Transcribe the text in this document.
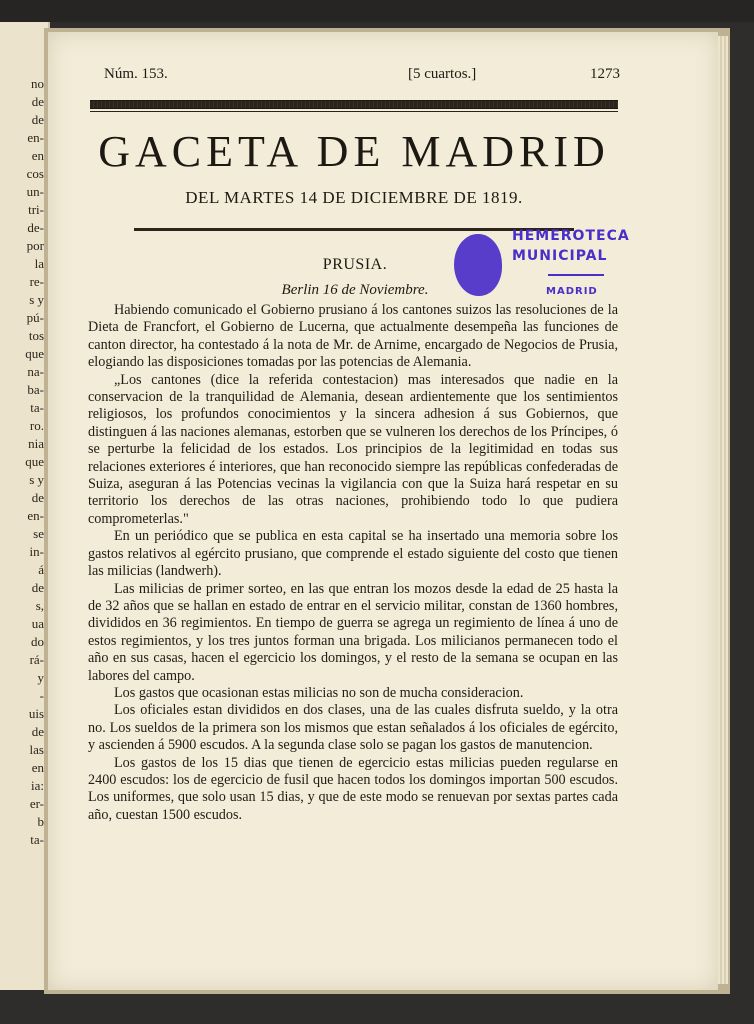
no
de
de
en-
en
cos
un-
tri-
de-
por
la
re-
s y
pú-
tos
que
na-
ba-
ta-
ro.
nia
que
s y
de
en-
se
in-
á
de
s,
ua
do
rá-
y
-
uis
de
las
en
ia:
er-
b
ta-
Núm. 153.	[5 cuartos.]	1273
GACETA DE MADRID
DEL MARTES 14 DE DICIEMBRE DE 1819.
HEMEROTECA
MUNICIPAL
MADRID
PRUSIA.
Berlin 16 de Noviembre.

Habiendo comunicado el Gobierno prusiano á los cantones suizos las resoluciones de la Dieta de Francfort, el Gobierno de Lucerna, que actualmente desempeña las funciones de canton director, ha contestado á la nota de Mr. de Arnime, encargado de Negocios de Prusia, elogiando las disposiciones tomadas por las potencias de Alemania.

„Los cantones (dice la referida contestacion) mas interesados que nadie en la conservacion de la tranquilidad de Alemania, desean ardientemente que los sentimientos religiosos, los profundos conocimientos y la sincera adhesion á sus Gobiernos, que distinguen á las naciones alemanas, estorben que se vulneren los derechos de los Príncipes, ó se perturbe la felicidad de los estados. Los principios de la legitimidad en todas sus relaciones exteriores é interiores, que han reconocido siempre las repúblicas confederadas de Suiza, aseguran á las Potencias vecinas la vigilancia con que la Suiza hará respetar en su territorio los derechos de las otras naciones, prohibiendo todo lo que pudiera comprometerlas."

En un periódico que se publica en esta capital se ha insertado una memoria sobre los gastos relativos al egército prusiano, que comprende el estado siguiente del costo que tienen las milicias (landwerh).

Las milicias de primer sorteo, en las que entran los mozos desde la edad de 25 hasta la de 32 años que se hallan en estado de entrar en el servicio militar, constan de 1360 hombres, divididos en 36 regimientos. En tiempo de guerra se agrega un regimiento de línea á uno de estos regimientos, y los tres juntos forman una brigada. Los milicianos permanecen todo el año en sus casas, hacen el egercicio los domingos, y el resto de la semana se ocupan en las labores del campo.

Los gastos que ocasionan estas milicias no son de mucha consideracion.

Los oficiales estan divididos en dos clases, una de las cuales disfruta sueldo, y la otra no. Los sueldos de la primera son los mismos que estan señalados á los oficiales de egército, y ascienden á 5900 escudos. A la segunda clase solo se pagan los gastos de manutencion.

Los gastos de los 15 dias que tienen de egercicio estas milicias pueden regularse en 2400 escudos: los de egercicio de fusil que hacen todos los domingos importan 500 escudos. Los uniformes, que solo usan 15 dias, y que de este modo se renuevan por sextas partes cada año, cuestan 1500 escudos.
